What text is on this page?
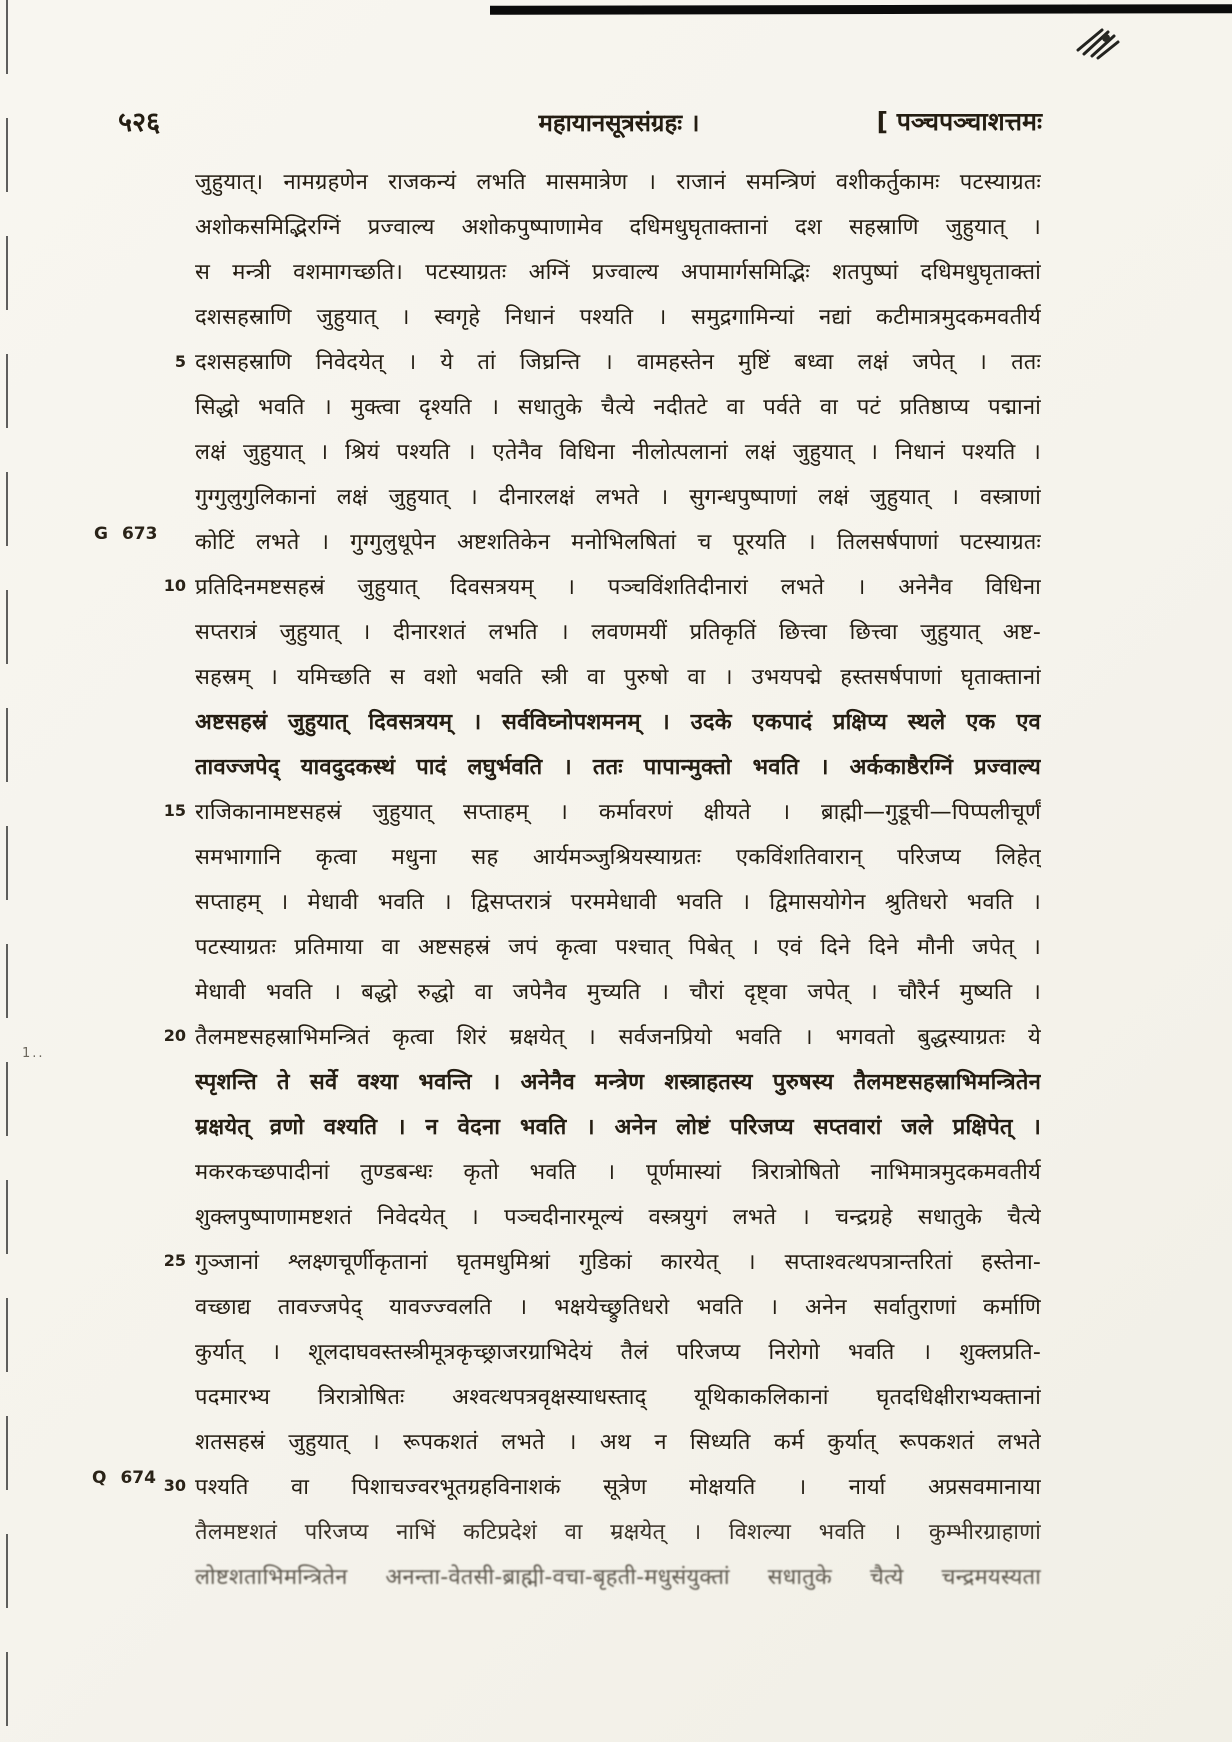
1..
५२६	महायानसूत्रसंग्रहः ।	[ पञ्चपञ्चाशत्तमः
G 673
Q 674
5
10
15
20
25
30
जुहुयात्। नामग्रहणेन राजकन्यं लभति मासमात्रेण । राजानं समन्त्रिणं वशीकर्तुकामः पटस्याग्रतः
अशोकसमिद्भिरग्निं प्रज्वाल्य अशोकपुष्पाणामेव दधिमधुघृताक्तानां दश सहस्राणि जुहुयात् ।
स मन्त्री वशमागच्छति। पटस्याग्रतः अग्निं प्रज्वाल्य अपामार्गसमिद्भिः शतपुष्पां दधिमधुघृताक्तां
दशसहस्राणि जुहुयात् । स्वगृहे निधानं पश्यति । समुद्रगामिन्यां नद्यां कटीमात्रमुदकमवतीर्य
दशसहस्राणि निवेदयेत् । ये तां जिघ्रन्ति । वामहस्तेन मुष्टिं बध्वा लक्षं जपेत् । ततः
सिद्धो भवति । मुक्त्वा दृश्यति । सधातुके चैत्ये नदीतटे वा पर्वते वा पटं प्रतिष्ठाप्य पद्मानां
लक्षं जुहुयात् । श्रियं पश्यति । एतेनैव विधिना नीलोत्पलानां लक्षं जुहुयात् । निधानं पश्यति ।
गुग्गुलुगुलिकानां लक्षं जुहुयात् । दीनारलक्षं लभते । सुगन्धपुष्पाणां लक्षं जुहुयात् । वस्त्राणां
कोटिं लभते । गुग्गुलुधूपेन अष्टशतिकेन मनोभिलषितां च पूरयति । तिलसर्षपाणां पटस्याग्रतः
प्रतिदिनमष्टसहस्रं जुहुयात् दिवसत्रयम् । पञ्चविंशतिदीनारां लभते । अनेनैव विधिना
सप्तरात्रं जुहुयात् । दीनारशतं लभति । लवणमयीं प्रतिकृतिं छित्त्वा छित्त्वा जुहुयात् अष्ट-
सहस्रम् । यमिच्छति स वशो भवति स्त्री वा पुरुषो वा । उभयपद्मे हस्तसर्षपाणां घृताक्तानां
अष्टसहस्रं जुहुयात् दिवसत्रयम् । सर्वविघ्नोपशमनम् । उदके एकपादं प्रक्षिप्य स्थले एक एव
तावज्जपेद् यावदुदकस्थं पादं लघुर्भवति । ततः पापान्मुक्तो भवति । अर्ककाष्ठैरग्निं प्रज्वाल्य
राजिकानामष्टसहस्रं जुहुयात् सप्ताहम् । कर्मावरणं क्षीयते । ब्राह्मी—गुडूची—पिप्पलीचूर्णं
समभागानि कृत्वा मधुना सह आर्यमञ्जुश्रियस्याग्रतः एकविंशतिवारान् परिजप्य लिहेत्
सप्ताहम् । मेधावी भवति । द्विसप्तरात्रं परममेधावी भवति । द्विमासयोगेन श्रुतिधरो भवति ।
पटस्याग्रतः प्रतिमाया वा अष्टसहस्रं जपं कृत्वा पश्चात् पिबेत् । एवं दिने दिने मौनी जपेत् ।
मेधावी भवति । बद्धो रुद्धो वा जपेनैव मुच्यति । चौरां दृष्ट्वा जपेत् । चौरैर्न मुष्यति ।
तैलमष्टसहस्राभिमन्त्रितं कृत्वा शिरं म्रक्षयेत् । सर्वजनप्रियो भवति । भगवतो बुद्धस्याग्रतः ये
स्पृशन्ति ते सर्वे वश्या भवन्ति । अनेनैव मन्त्रेण शस्त्राहतस्य पुरुषस्य तैलमष्टसहस्राभिमन्त्रितेन
म्रक्षयेत् व्रणो वश्यति । न वेदना भवति । अनेन लोष्टं परिजप्य सप्तवारां जले प्रक्षिपेत् ।
मकरकच्छपादीनां तुण्डबन्धः कृतो भवति । पूर्णमास्यां त्रिरात्रोषितो नाभिमात्रमुदकमवतीर्य
शुक्लपुष्पाणामष्टशतं निवेदयेत् । पञ्चदीनारमूल्यं वस्त्रयुगं लभते । चन्द्रग्रहे सधातुके चैत्ये
गुञ्जानां श्लक्ष्णचूर्णीकृतानां घृतमधुमिश्रां गुडिकां कारयेत् । सप्ताश्वत्थपत्रान्तरितां हस्तेना-
वच्छाद्य तावज्जपेद् यावज्ज्वलति । भक्षयेच्छ्रुतिधरो भवति । अनेन सर्वातुराणां कर्माणि
कुर्यात् । शूलदाघवस्तस्त्रीमूत्रकृच्छ्राजरग्राभिदेयं तैलं परिजप्य निरोगो भवति । शुक्लप्रति-
पदमारभ्य त्रिरात्रोषितः अश्वत्थपत्रवृक्षस्याधस्ताद् यूथिकाकलिकानां घृतदधिक्षीराभ्यक्तानां
शतसहस्रं जुहुयात् । रूपकशतं लभते । अथ न सिध्यति कर्म कुर्यात् रूपकशतं लभते
पश्यति वा पिशाचज्वरभूतग्रहविनाशकं सूत्रेण मोक्षयति । नार्या अप्रसवमानाया
तैलमष्टशतं परिजप्य नाभिं कटिप्रदेशं वा म्रक्षयेत् । विशल्या भवति । कुम्भीरग्राहाणां
लोष्टशताभिमन्त्रितेन अनन्ता-वेतसी-ब्राह्मी-वचा-बृहती-मधुसंयुक्तां सधातुके चैत्ये चन्द्रमयस्यता
